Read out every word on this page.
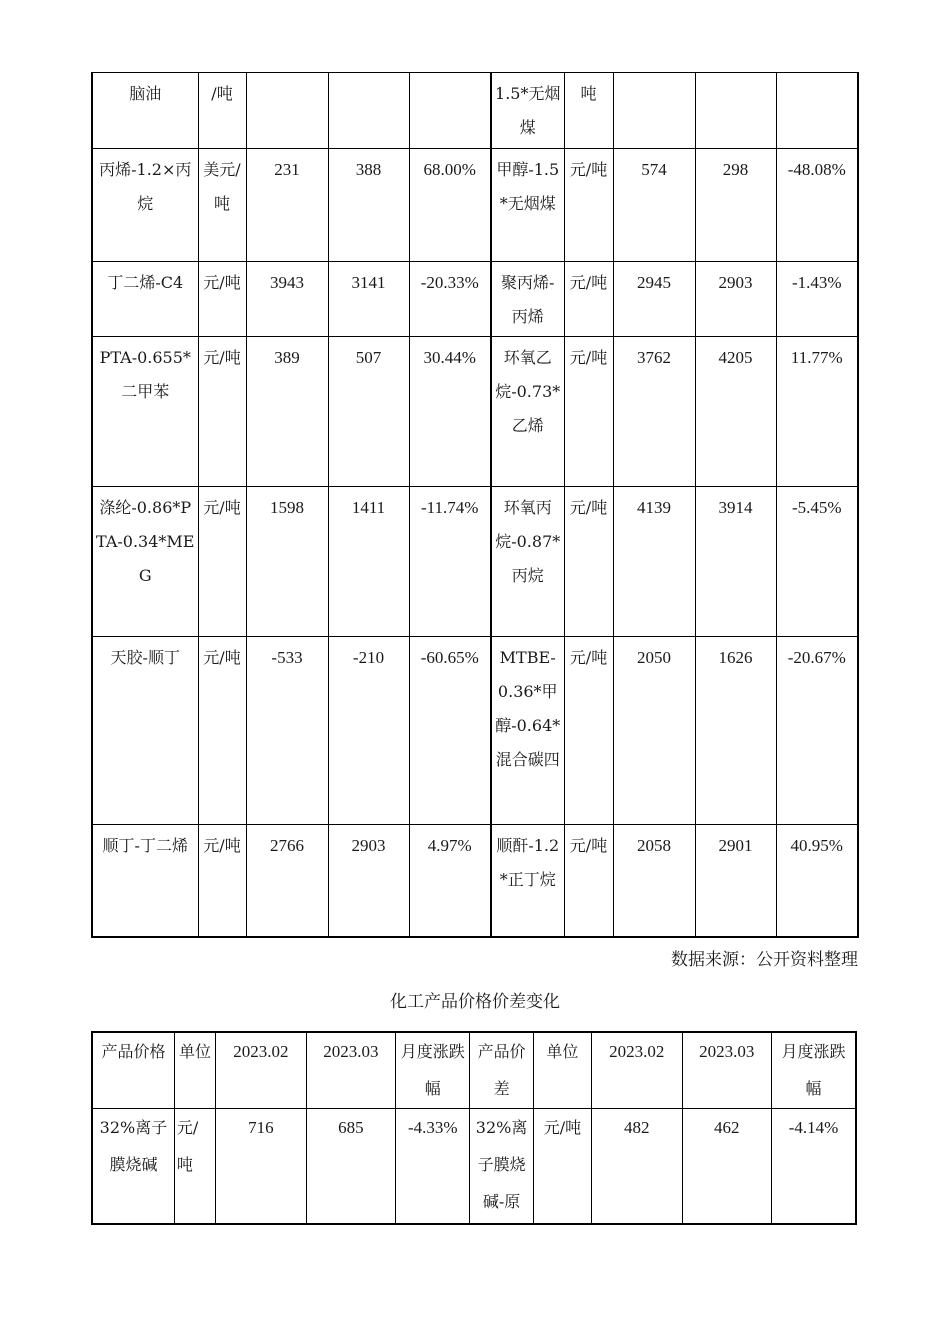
脑油	/吨				1.5*无烟煤	吨			
丙烯-1.2×丙烷	美元/吨	231	388	68.00%	甲醇-1.5*无烟煤	元/吨	574	298	-48.08%
丁二烯-C4	元/吨	3943	3141	-20.33%	聚丙烯-丙烯	元/吨	2945	2903	-1.43%
PTA-0.655*二甲苯	元/吨	389	507	30.44%	环氧乙烷-0.73*乙烯	元/吨	3762	4205	11.77%
涤纶-0.86*PTA-0.34*MEG	元/吨	1598	1411	-11.74%	环氧丙烷-0.87*丙烷	元/吨	4139	3914	-5.45%
天胶-顺丁	元/吨	-533	-210	-60.65%	MTBE-0.36*甲醇-0.64*混合碳四	元/吨	2050	1626	-20.67%
顺丁-丁二烯	元/吨	2766	2903	4.97%	顺酐-1.2*正丁烷	元/吨	2058	2901	40.95%
数据来源：公开资料整理
化工产品价格价差变化
产品价格	单位	2023.02	2023.03	月度涨跌幅	产品价差	单位	2023.02	2023.03	月度涨跌幅
32%离子膜烧碱	元/吨	716	685	-4.33%	32%离子膜烧碱-原	元/吨	482	462	-4.14%
